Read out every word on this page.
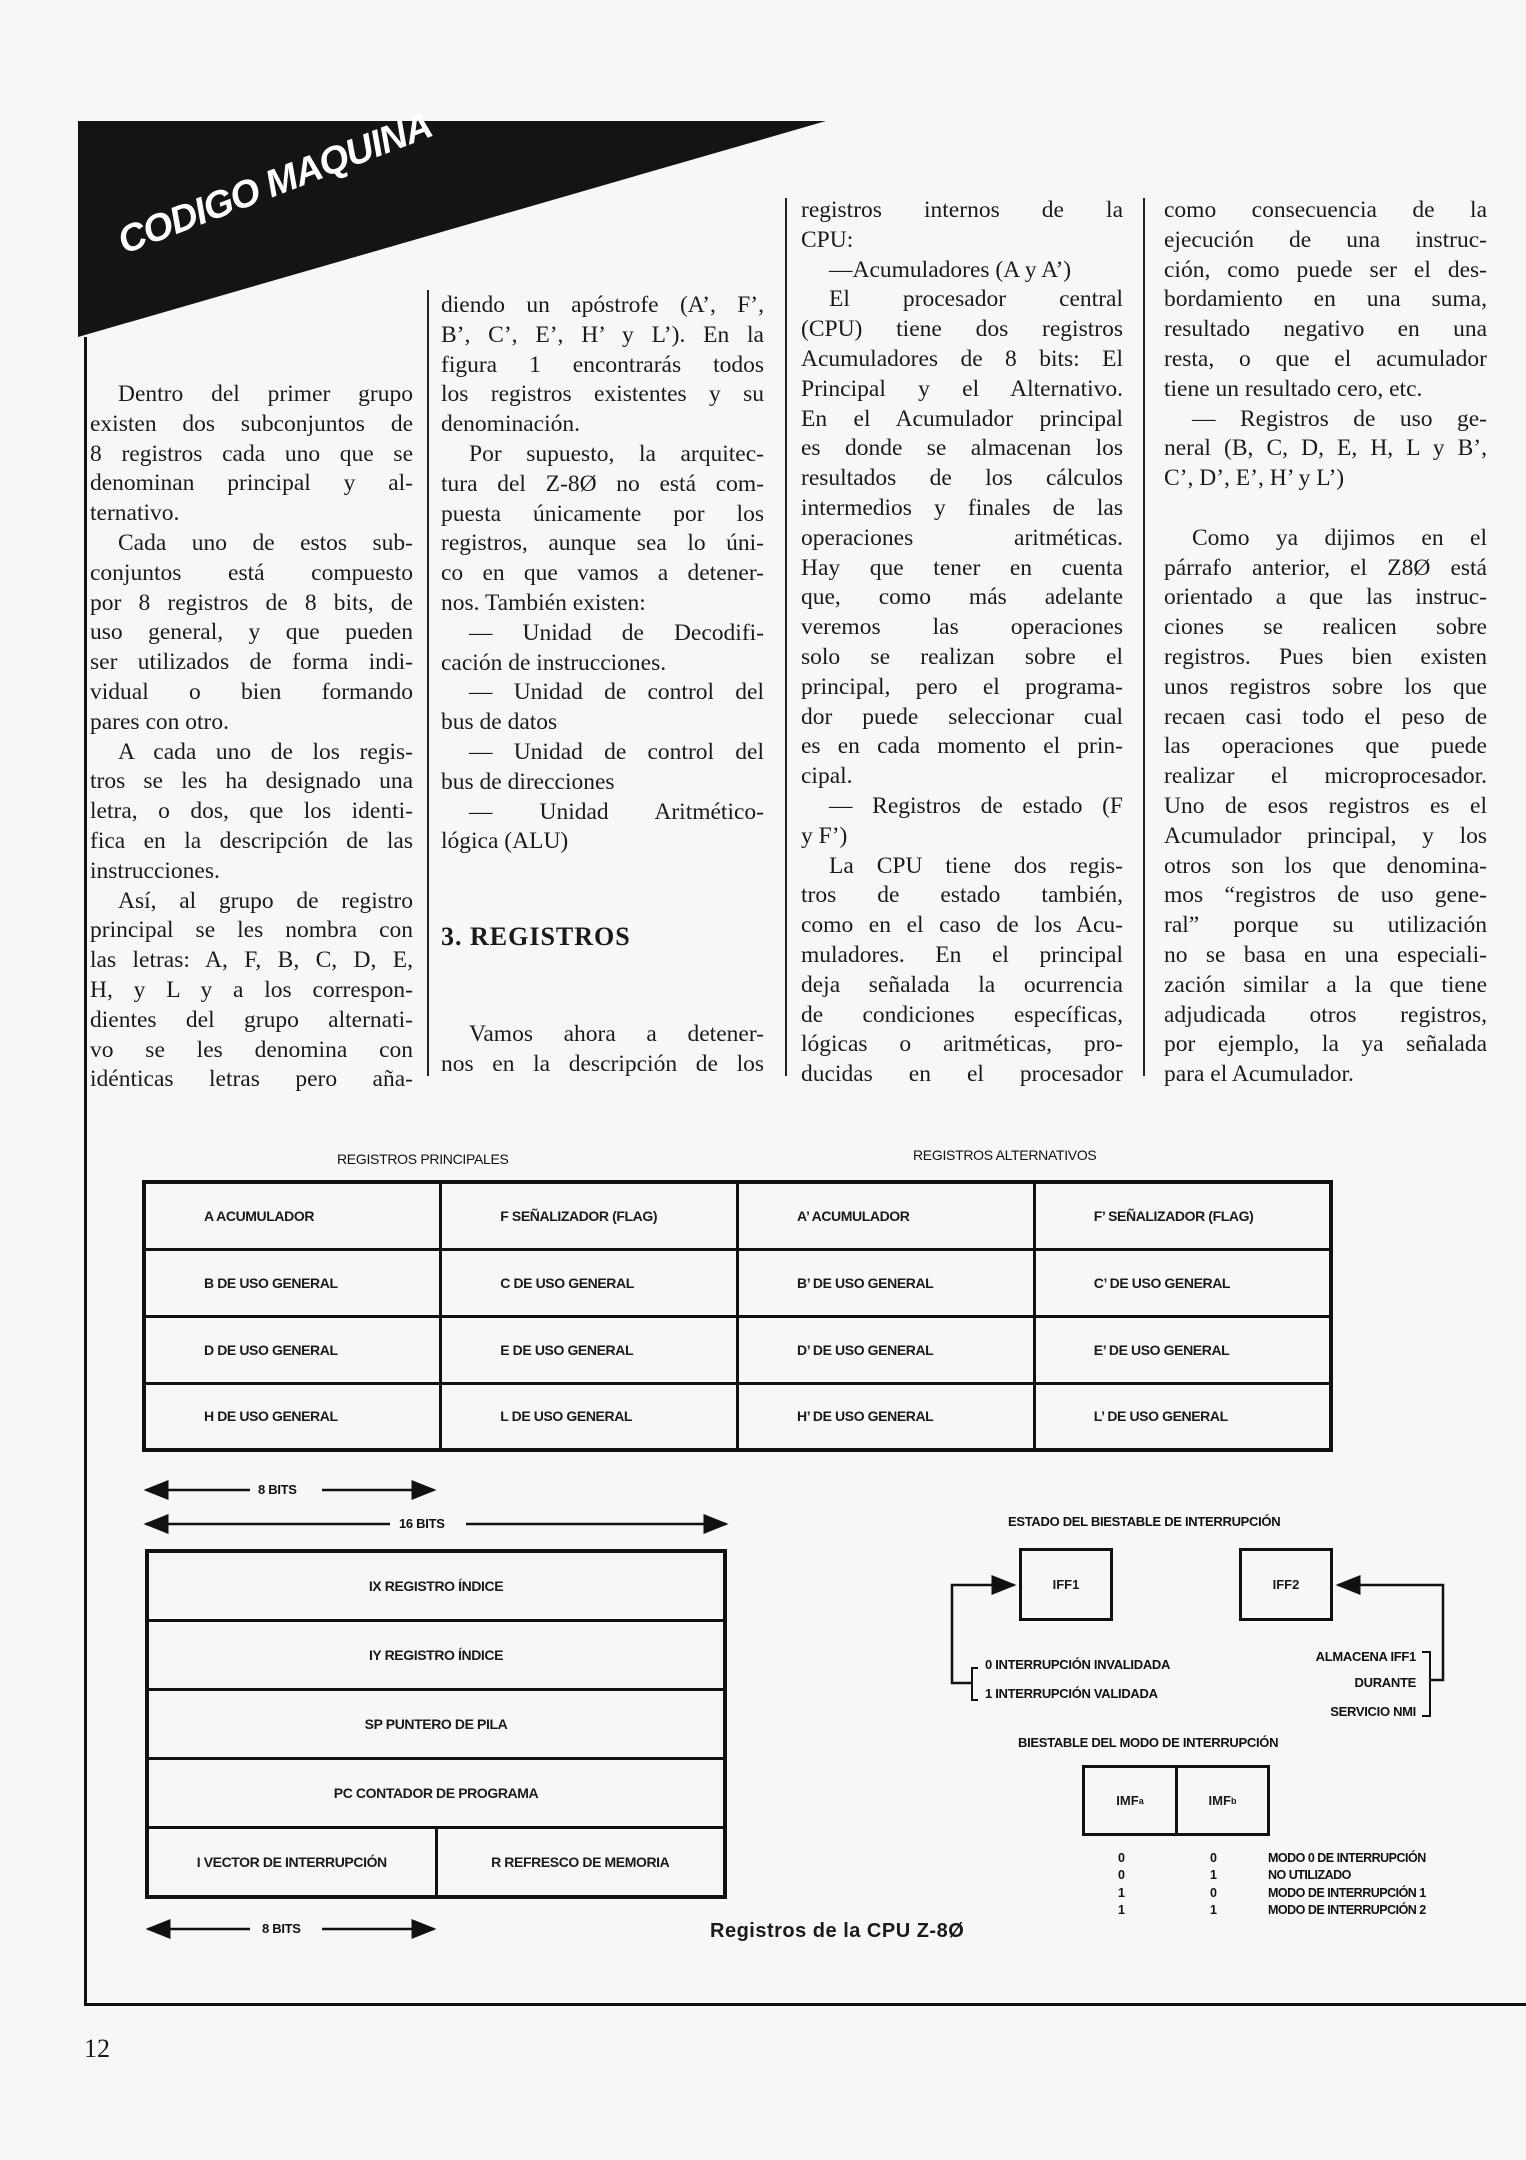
CODIGO MAQUINA
Dentro del primer grupo
existen dos subconjuntos de
8 registros cada uno que se
denominan principal y al-
ternativo.
Cada uno de estos sub-
conjuntos está compuesto
por 8 registros de 8 bits, de
uso general, y que pueden
ser utilizados de forma indi-
vidual o bien formando
pares con otro.
A cada uno de los regis-
tros se les ha designado una
letra, o dos, que los identi-
fica en la descripción de las
instrucciones.
Así, al grupo de registro
principal se les nombra con
las letras: A, F, B, C, D, E,
H, y L y a los correspon-
dientes del grupo alternati-
vo se les denomina con
idénticas letras pero aña-
diendo un apóstrofe (A’, F’,
B’, C’, E’, H’ y L’). En la
figura 1 encontrarás todos
los registros existentes y su
denominación.
Por supuesto, la arquitec-
tura del Z-8Ø no está com-
puesta únicamente por los
registros, aunque sea lo úni-
co en que vamos a detener-
nos. También existen:
— Unidad de Decodifi-
cación de instrucciones.
— Unidad de control del
bus de datos
— Unidad de control del
bus de direcciones
— Unidad Aritmético-
lógica (ALU)
3. REGISTROS
Vamos ahora a detener-
nos en la descripción de los
registros internos de la
CPU:
—Acumuladores (A y A’)
El procesador central
(CPU) tiene dos registros
Acumuladores de 8 bits: El
Principal y el Alternativo.
En el Acumulador principal
es donde se almacenan los
resultados de los cálculos
intermedios y finales de las
operaciones aritméticas.
Hay que tener en cuenta
que, como más adelante
veremos las operaciones
solo se realizan sobre el
principal, pero el programa-
dor puede seleccionar cual
es en cada momento el prin-
cipal.
— Registros de estado (F
y F’)
La CPU tiene dos regis-
tros de estado también,
como en el caso de los Acu-
muladores. En el principal
deja señalada la ocurrencia
de condiciones específicas,
lógicas o aritméticas, pro-
ducidas en el procesador
como consecuencia de la
ejecución de una instruc-
ción, como puede ser el des-
bordamiento en una suma,
resultado negativo en una
resta, o que el acumulador
tiene un resultado cero, etc.
— Registros de uso ge-
neral (B, C, D, E, H, L y B’,
C’, D’, E’, H’ y L’)
Como ya dijimos en el
párrafo anterior, el Z8Ø está
orientado a que las instruc-
ciones se realicen sobre
registros. Pues bien existen
unos registros sobre los que
recaen casi todo el peso de
las operaciones que puede
realizar el microprocesador.
Uno de esos registros es el
Acumulador principal, y los
otros son los que denomina-
mos “registros de uso gene-
ral” porque su utilización
no se basa en una especiali-
zación similar a la que tiene
adjudicada otros registros,
por ejemplo, la ya señalada
para el Acumulador.
REGISTROS PRINCIPALES	REGISTROS ALTERNATIVOS
A ACUMULADOR	F SEÑALIZADOR (FLAG)	A’ ACUMULADOR	F’ SEÑALIZADOR (FLAG)
B DE USO GENERAL	C DE USO GENERAL	B’ DE USO GENERAL	C’ DE USO GENERAL
D DE USO GENERAL	E DE USO GENERAL	D’ DE USO GENERAL	E’ DE USO GENERAL
H DE USO GENERAL	L DE USO GENERAL	H’ DE USO GENERAL	L’ DE USO GENERAL
8 BITS
16 BITS
IX REGISTRO ÍNDICE
IY REGISTRO ÍNDICE
SP PUNTERO DE PILA
PC CONTADOR DE PROGRAMA
I VECTOR DE INTERRUPCIÓN	R REFRESCO DE MEMORIA
8 BITS	Registros de la CPU Z-8Ø
ESTADO DEL BIESTABLE DE INTERRUPCIÓN
IFF1	IFF2
0 INTERRUPCIÓN INVALIDADA
1 INTERRUPCIÓN VALIDADA
ALMACENA IFF1
DURANTE
SERVICIO NMI
BIESTABLE DEL MODO DE INTERRUPCIÓN
IMF a	IMF b
0	0	MODO 0 DE INTERRUPCIÓN
0	1	NO UTILIZADO
1	0	MODO DE INTERRUPCIÓN 1
1	1	MODO DE INTERRUPCIÓN 2
12
